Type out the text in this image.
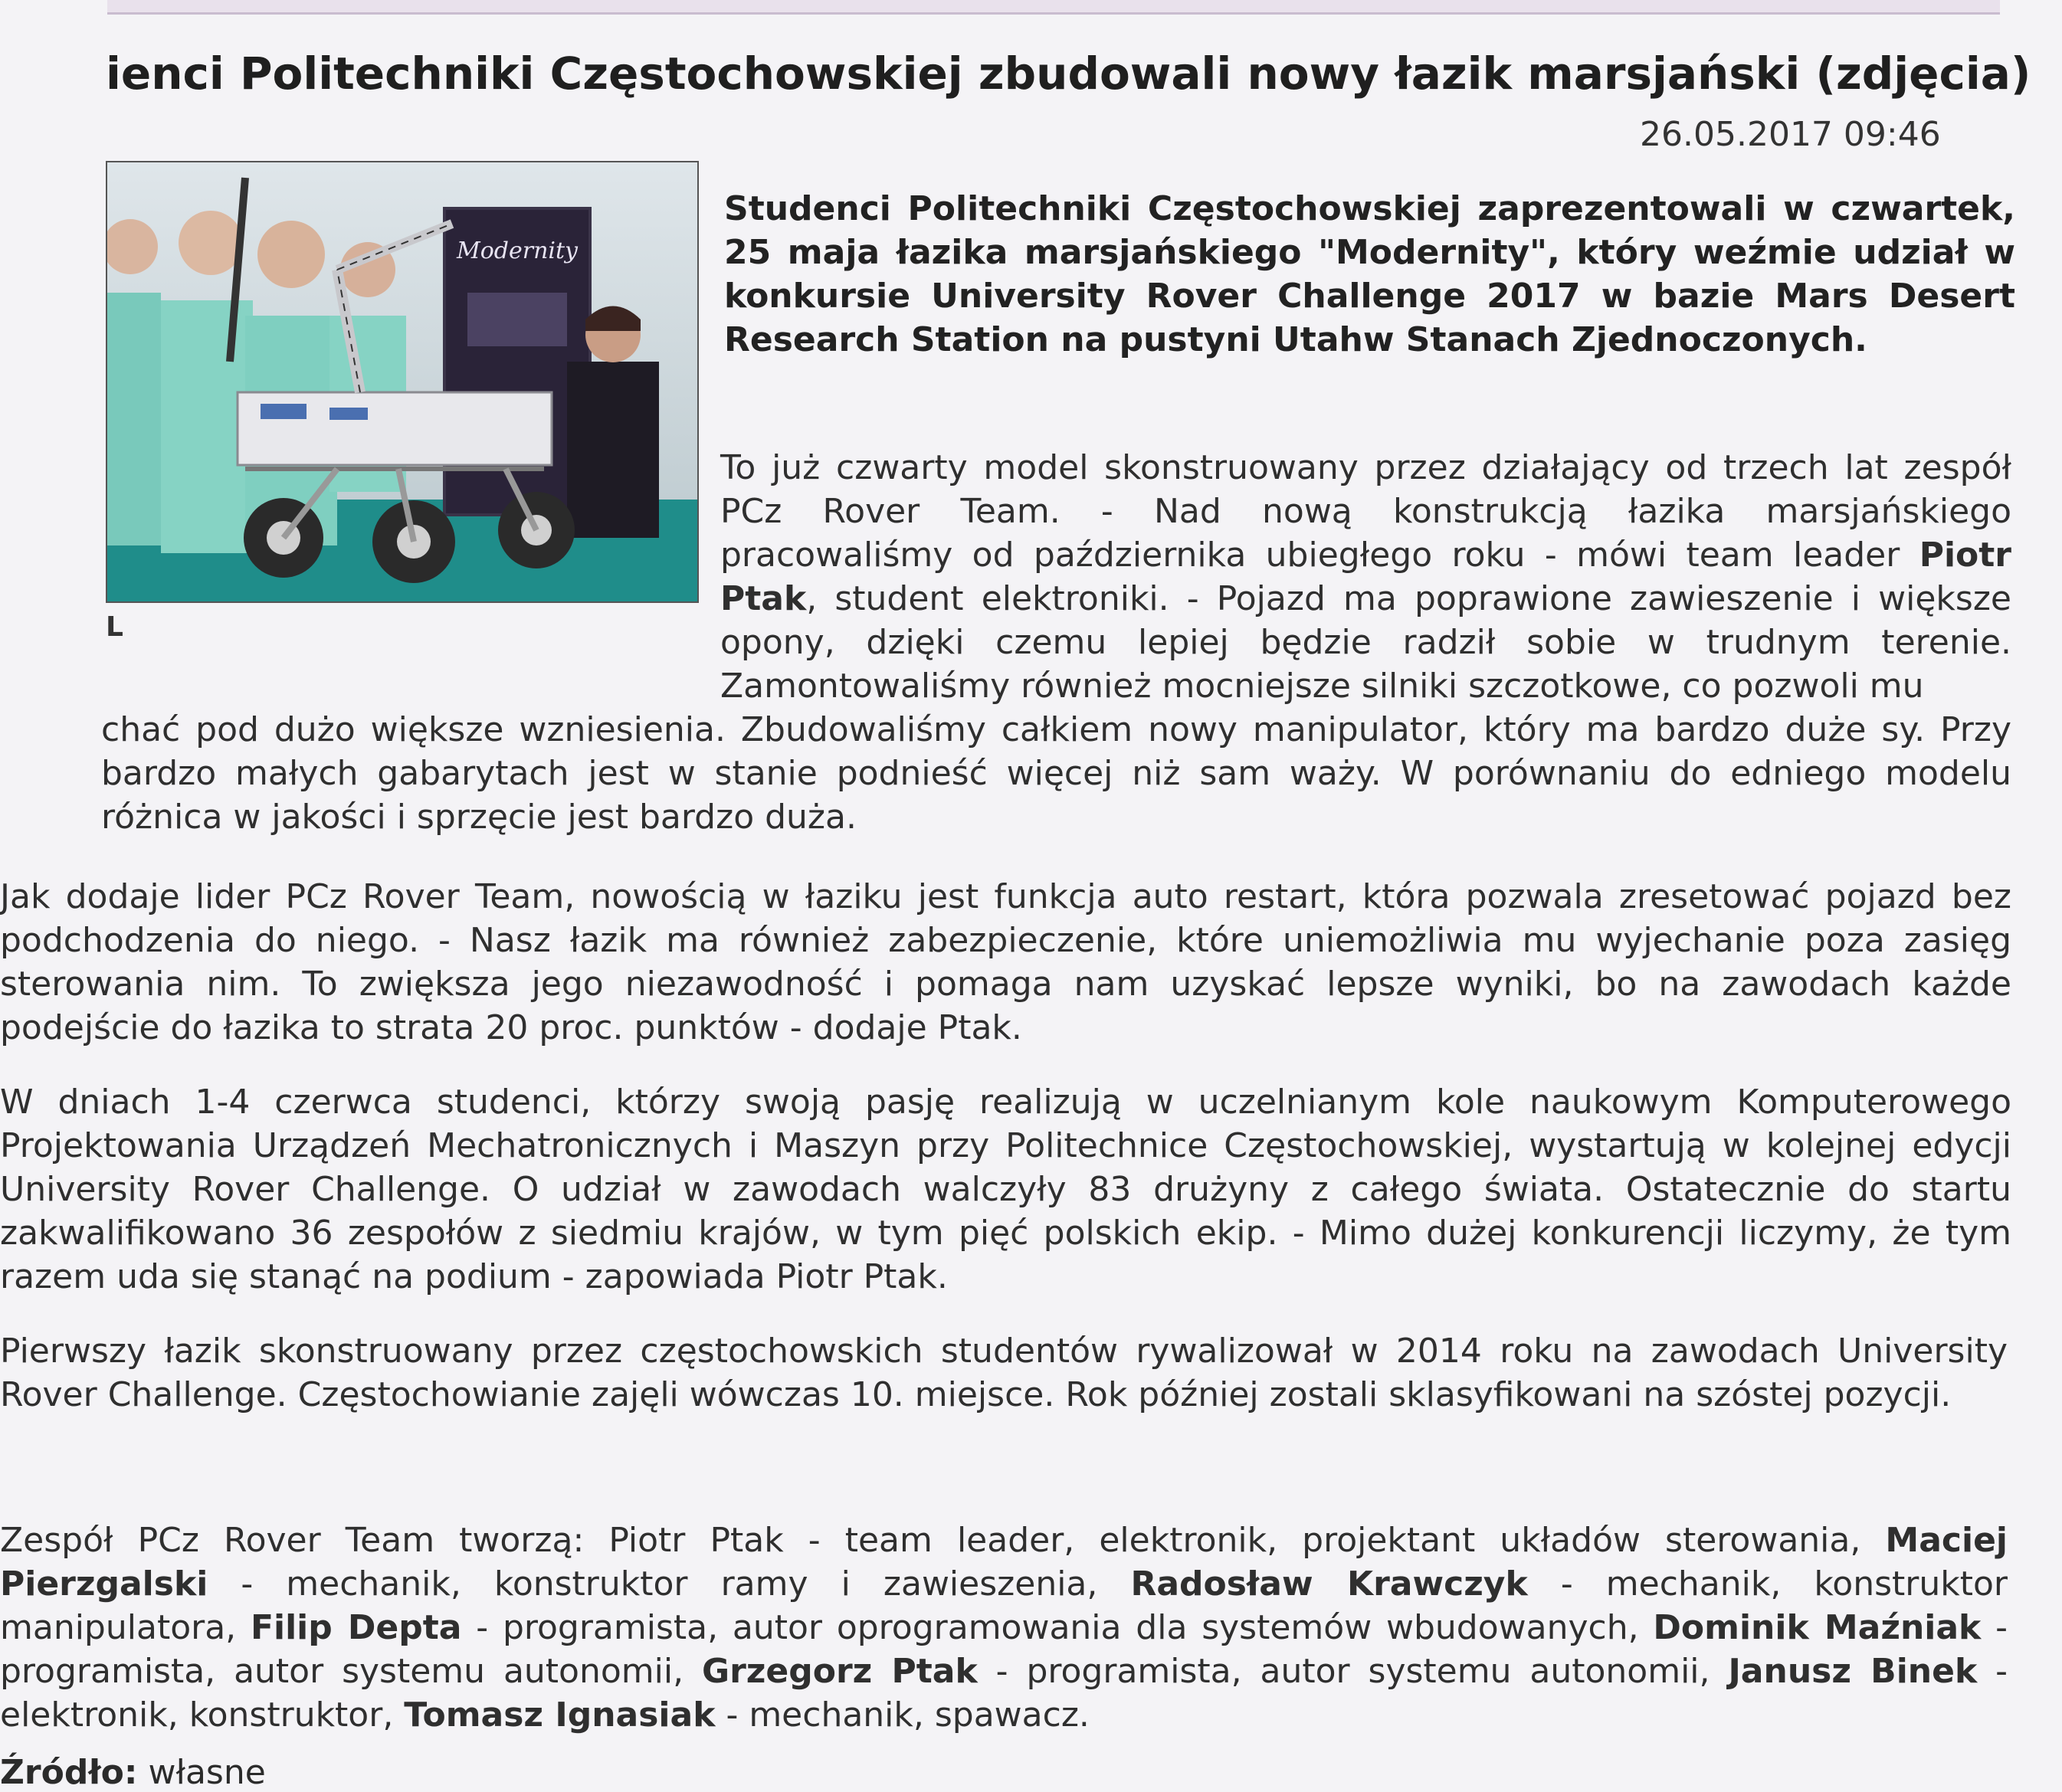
ienci Politechniki Częstochowskiej zbudowali nowy łazik marsjański (zdjęcia)
26.05.2017 09:46
Modernity
L

Studenci Politechniki Częstochowskiej zaprezentowali w czwartek, 25 maja łazika marsjańskiego "Modernity", który weźmie udział w konkursie University Rover Challenge 2017 w bazie Mars Desert Research Station na pustyni Utahw Stanach Zjednoczonych.

To już czwarty model skonstruowany przez działający od trzech lat zespół PCz Rover Team. - Nad nową konstrukcją łazika marsjańskiego pracowaliśmy od października ubiegłego roku - mówi team leader Piotr Ptak, student elektroniki. - Pojazd ma poprawione zawieszenie i większe opony, dzięki czemu lepiej będzie radził sobie w trudnym terenie. Zamontowaliśmy również mocniejsze silniki szczotkowe, co pozwoli mu

chać pod dużo większe wzniesienia. Zbudowaliśmy całkiem nowy manipulator, który ma bardzo duże sy. Przy bardzo małych gabarytach jest w stanie podnieść więcej niż sam waży. W porównaniu do edniego modelu różnica w jakości i sprzęcie jest bardzo duża.

Jak dodaje lider PCz Rover Team, nowością w łaziku jest funkcja auto restart, która pozwala zresetować pojazd bez podchodzenia do niego. - Nasz łazik ma również zabezpieczenie, które uniemożliwia mu wyjechanie poza zasięg sterowania nim. To zwiększa jego niezawodność i pomaga nam uzyskać lepsze wyniki, bo na zawodach każde podejście do łazika to strata 20 proc. punktów - dodaje Ptak.

W dniach 1-4 czerwca studenci, którzy swoją pasję realizują w uczelnianym kole naukowym Komputerowego Projektowania Urządzeń Mechatronicznych i Maszyn przy Politechnice Częstochowskiej, wystartują w kolejnej edycji University Rover Challenge. O udział w zawodach walczyły 83 drużyny z całego świata. Ostatecznie do startu zakwalifikowano 36 zespołów z siedmiu krajów, w tym pięć polskich ekip. - Mimo dużej konkurencji liczymy, że tym razem uda się stanąć na podium - zapowiada Piotr Ptak.

Pierwszy łazik skonstruowany przez częstochowskich studentów rywalizował w 2014 roku na zawodach University Rover Challenge. Częstochowianie zajęli wówczas 10. miejsce. Rok później zostali sklasyfikowani na szóstej pozycji.

Zespół PCz Rover Team tworzą: Piotr Ptak - team leader, elektronik, projektant układów sterowania, Maciej Pierzgalski - mechanik, konstruktor ramy i zawieszenia, Radosław Krawczyk - mechanik, konstruktor manipulatora, Filip Depta - programista, autor oprogramowania dla systemów wbudowanych, Dominik Maźniak - programista, autor systemu autonomii, Grzegorz Ptak - programista, autor systemu autonomii, Janusz Binek - elektronik, konstruktor, Tomasz Ignasiak - mechanik, spawacz.

Źródło: własne
